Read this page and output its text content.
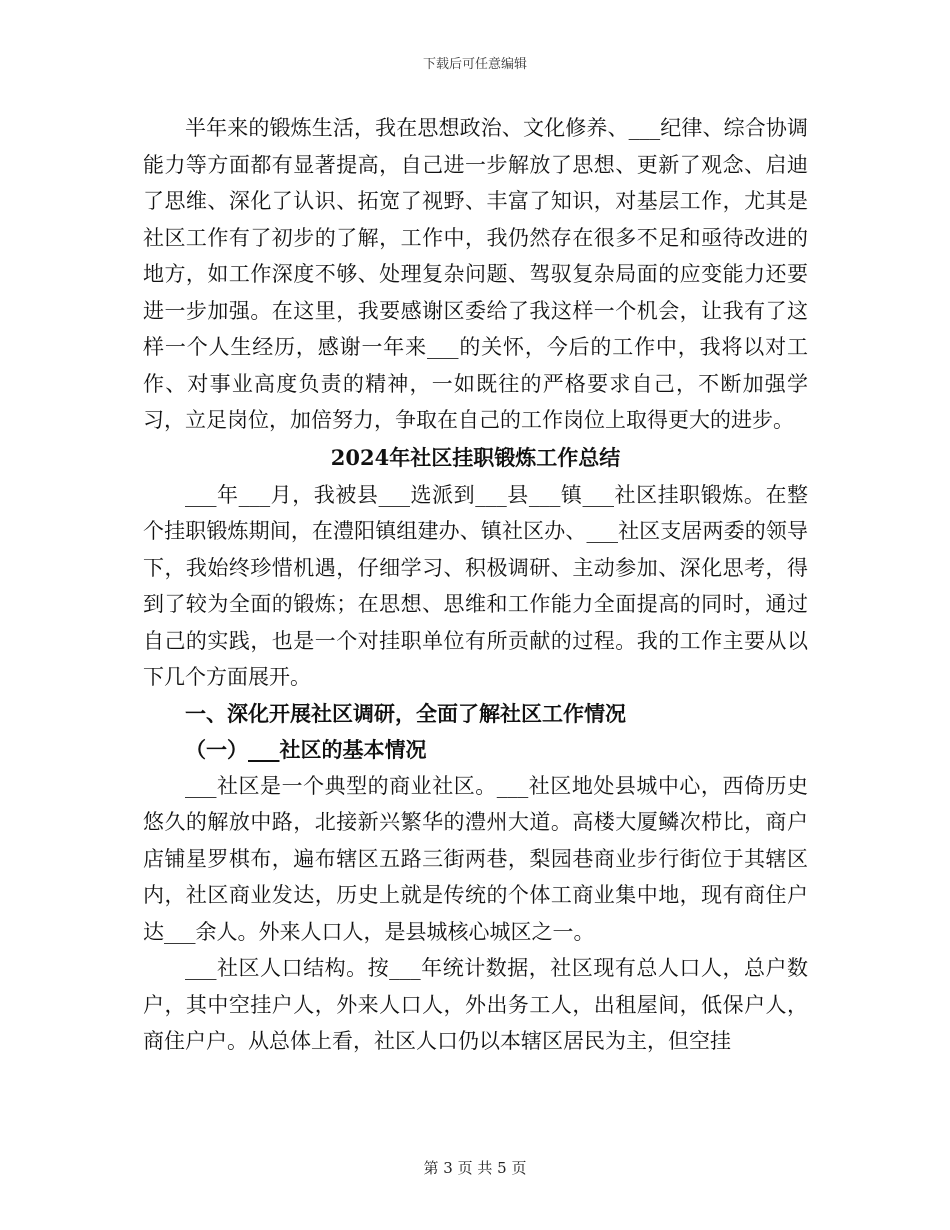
下载后可任意编辑

半年来的锻炼生活，我在思想政治、文化修养、___纪律、综合协调能力等方面都有显著提高，自己进一步解放了思想、更新了观念、启迪了思维、深化了认识、拓宽了视野、丰富了知识，对基层工作，尤其是社区工作有了初步的了解，工作中，我仍然存在很多不足和亟待改进的地方，如工作深度不够、处理复杂问题、驾驭复杂局面的应变能力还要进一步加强。在这里，我要感谢区委给了我这样一个机会，让我有了这样一个人生经历，感谢一年来___的关怀，今后的工作中，我将以对工作、对事业高度负责的精神，一如既往的严格要求自己，不断加强学习，立足岗位，加倍努力，争取在自己的工作岗位上取得更大的进步。

2024年社区挂职锻炼工作总结

___年___月，我被县___选派到___县___镇___社区挂职锻炼。在整个挂职锻炼期间，在澧阳镇组建办、镇社区办、___社区支居两委的领导下，我始终珍惜机遇，仔细学习、积极调研、主动参加、深化思考，得到了较为全面的锻炼；在思想、思维和工作能力全面提高的同时，通过自己的实践，也是一个对挂职单位有所贡献的过程。我的工作主要从以下几个方面展开。

一、深化开展社区调研，全面了解社区工作情况

（一）___社区的基本情况

___社区是一个典型的商业社区。___社区地处县城中心，西倚历史悠久的解放中路，北接新兴繁华的澧州大道。高楼大厦鳞次栉比，商户店铺星罗棋布，遍布辖区五路三街两巷，梨园巷商业步行街位于其辖区内，社区商业发达，历史上就是传统的个体工商业集中地，现有商住户达___余人。外来人口人，是县城核心城区之一。

___社区人口结构。按___年统计数据，社区现有总人口人，总户数户，其中空挂户人，外来人口人，外出务工人，出租屋间，低保户人，商住户户。从总体上看，社区人口仍以本辖区居民为主，但空挂

第 3 页 共 5 页
